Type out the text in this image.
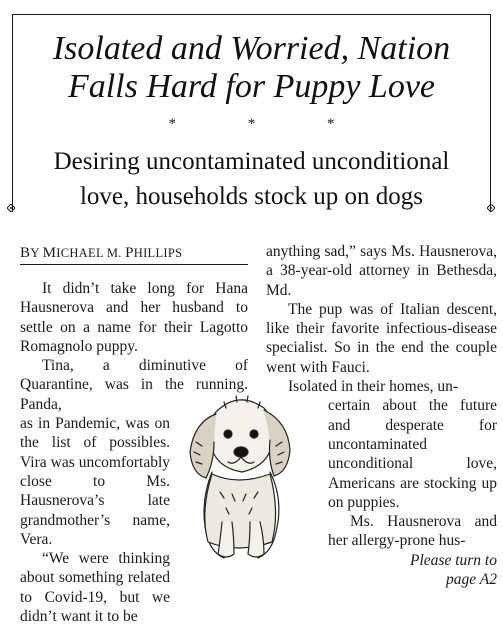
Isolated and Worried, Nation
Falls Hard for Puppy Love
* * *
Desiring uncontaminated unconditional
love, households stock up on dogs

BY MICHAEL M. PHILLIPS

It didn’t take long for Hana Hausnerova and her husband to settle on a name for their Lagotto Romagnolo puppy.

Tina, a diminutive of Quarantine, was in the running. Panda,

as in Pandemic, was on the list of possibles. Vira was uncomfortably close to Ms. Hausnerova’s late grandmother’s name, Vera.

“We were thinking about something related to Covid-19, but we didn’t want it to be

anything sad,” says Ms. Hausnerova, a 38-year-old attorney in Bethesda, Md.

The pup was of Italian descent, like their favorite infectious-disease specialist. So in the end the couple went with Fauci.

Isolated in their homes, un-

certain about the future and desperate for uncontaminated unconditional love, Americans are stocking up on puppies.

Ms. Hausnerova and her allergy-prone hus-

Please turn to
page A2
